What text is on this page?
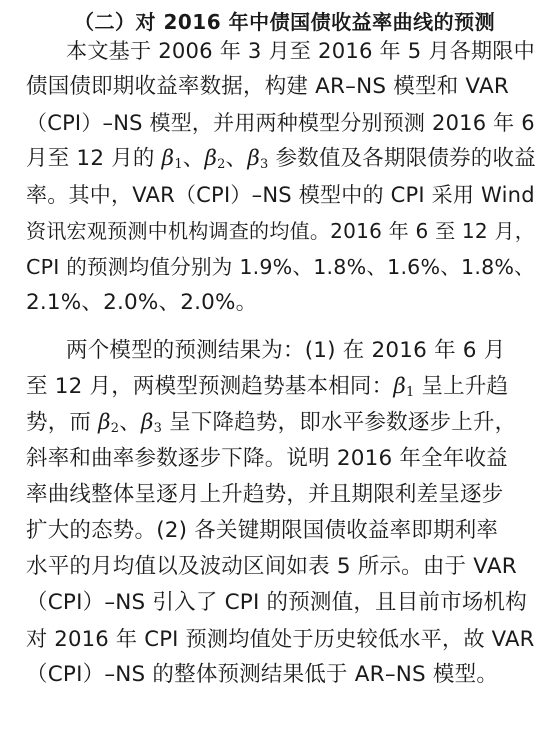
（二）对 2016 年中债国债收益率曲线的预测
本文基于 2006 年 3 月至 2016 年 5 月各期限中
债国债即期收益率数据，构建 AR–NS 模型和 VAR
（CPI）–NS 模型，并用两种模型分别预测 2016 年 6
月至 12 月的 $\beta_1$、$\beta_2$、$\beta_3$ 参数值及各期限债券的收益
率。其中，VAR（CPI）–NS 模型中的 CPI 采用 Wind
资讯宏观预测中机构调查的均值。2016 年 6 至 12 月，
CPI 的预测均值分别为 1.9%、1.8%、1.6%、1.8%、
2.1%、2.0%、2.0%。
两个模型的预测结果为：(1) 在 2016 年 6 月
至 12 月，两模型预测趋势基本相同：$\beta_1$ 呈上升趋
势，而 $\beta_2$、$\beta_3$ 呈下降趋势，即水平参数逐步上升，
斜率和曲率参数逐步下降。说明 2016 年全年收益
率曲线整体呈逐月上升趋势，并且期限利差呈逐步
扩大的态势。(2) 各关键期限国债收益率即期利率
水平的月均值以及波动区间如表 5 所示。由于 VAR
（CPI）–NS 引入了 CPI 的预测值，且目前市场机构
对 2016 年 CPI 预测均值处于历史较低水平，故 VAR
（CPI）–NS 的整体预测结果低于 AR–NS 模型。
